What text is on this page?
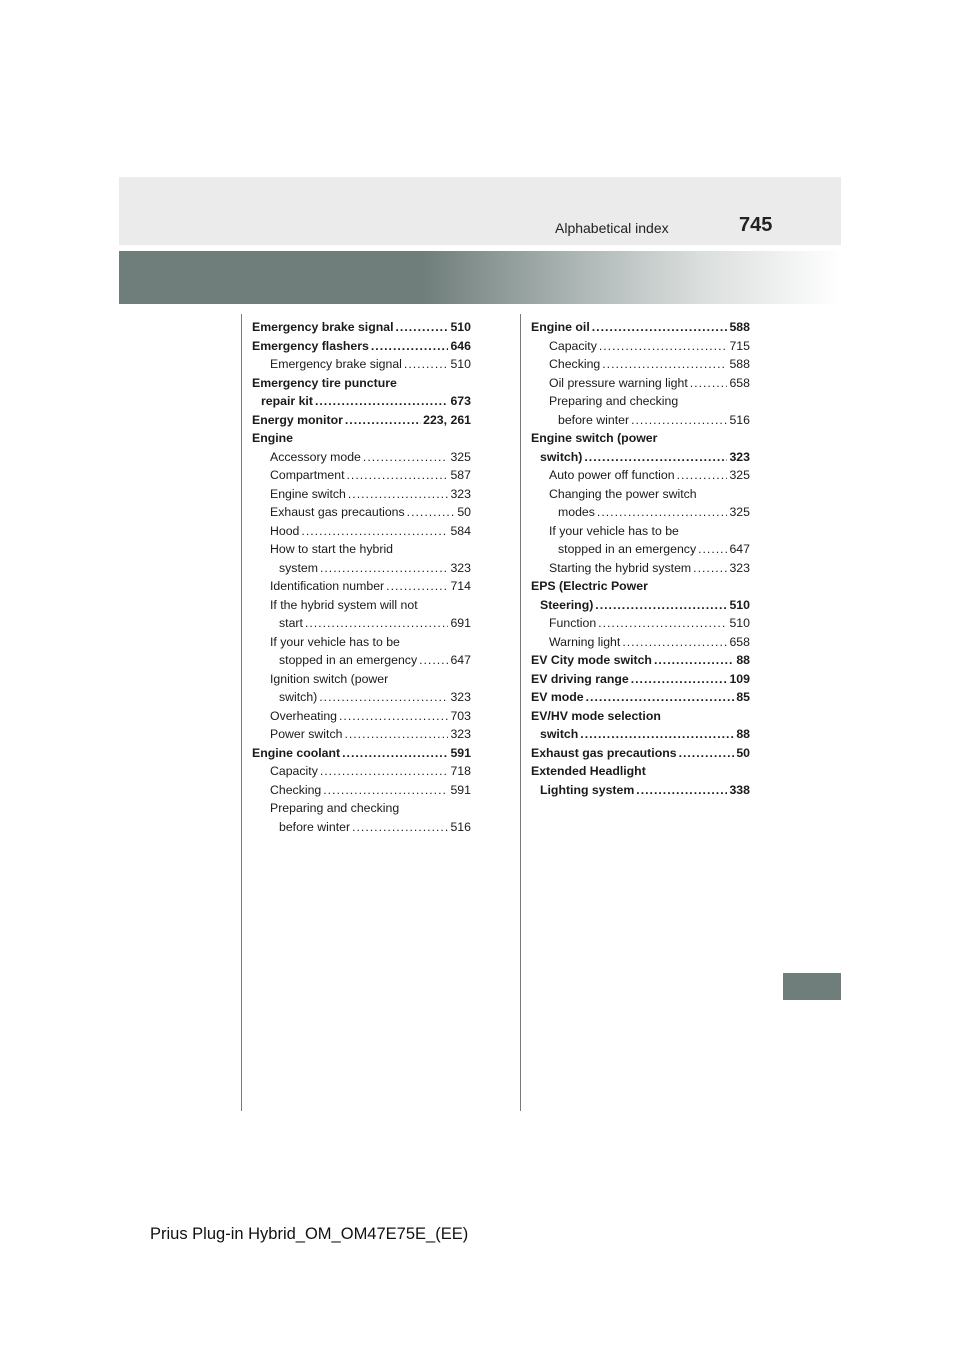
Alphabetical index	745
Emergency brake signal .....	510
Emergency flashers .....	646
Emergency brake signal .....	510
Emergency tire puncture
repair kit .....	673
Energy monitor .....	223, 261
Engine
Accessory mode .....	325
Compartment .....	587
Engine switch .....	323
Exhaust gas precautions .....	50
Hood .....	584
How to start the hybrid
system .....	323
Identification number .....	714
If the hybrid system will not
start .....	691
If your vehicle has to be
stopped in an emergency .....	647
Ignition switch (power
switch) .....	323
Overheating .....	703
Power switch .....	323
Engine coolant .....	591
Capacity .....	718
Checking .....	591
Preparing and checking
before winter .....	516
Engine oil .....	588
Capacity .....	715
Checking .....	588
Oil pressure warning light .....	658
Preparing and checking
before winter .....	516
Engine switch (power
switch) .....	323
Auto power off function .....	325
Changing the power switch
modes .....	325
If your vehicle has to be
stopped in an emergency .....	647
Starting the hybrid system .....	323
EPS (Electric Power
Steering) .....	510
Function .....	510
Warning light .....	658
EV City mode switch .....	88
EV driving range .....	109
EV mode .....	85
EV/HV mode selection
switch .....	88
Exhaust gas precautions .....	50
Extended Headlight
Lighting system .....	338
Prius Plug-in Hybrid_OM_OM47E75E_(EE)
